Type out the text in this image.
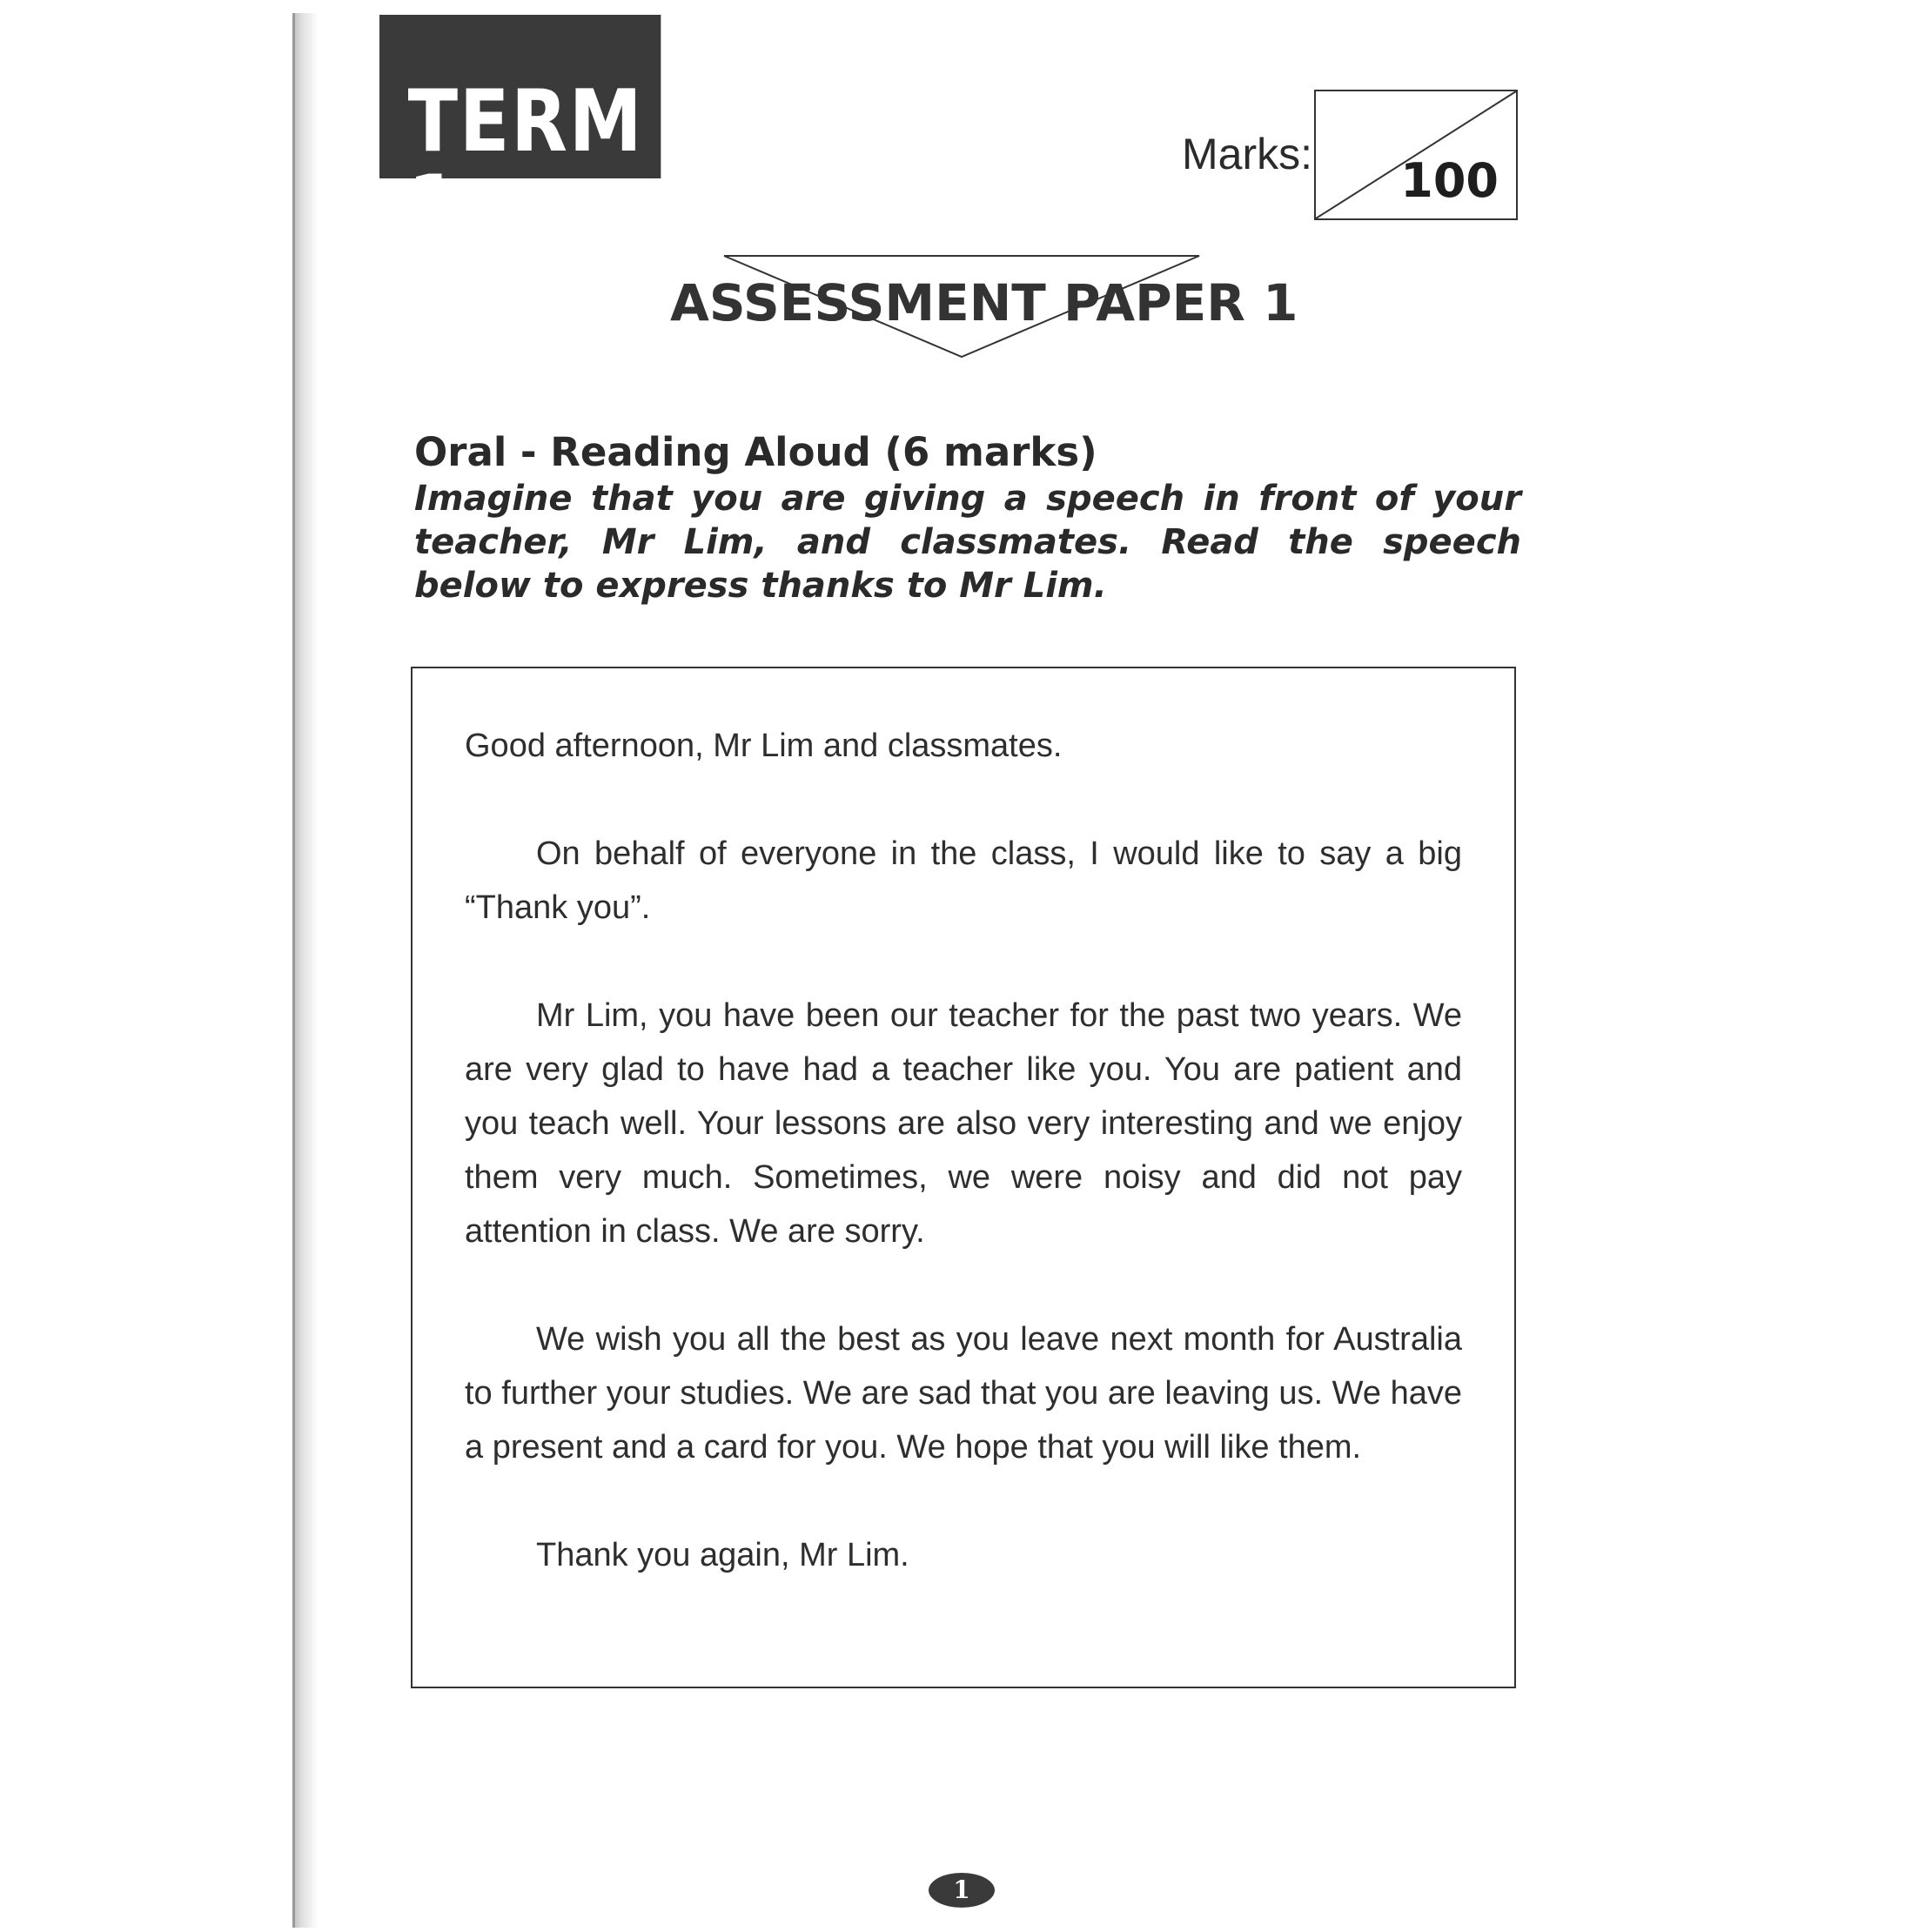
TERM 1
Marks: 100
ASSESSMENT PAPER 1
Oral - Reading Aloud (6 marks)
Imagine that you are giving a speech in front of your teacher, Mr Lim, and classmates. Read the speech below to express thanks to Mr Lim.

Good afternoon, Mr Lim and classmates.

On behalf of everyone in the class, I would like to say a big “Thank you”.

Mr Lim, you have been our teacher for the past two years. We are very glad to have had a teacher like you. You are patient and you teach well. Your lessons are also very interesting and we enjoy them very much. Sometimes, we were noisy and did not pay attention in class. We are sorry.

We wish you all the best as you leave next month for Australia to further your studies. We are sad that you are leaving us. We have a present and a card for you. We hope that you will like them.

Thank you again, Mr Lim.

1
